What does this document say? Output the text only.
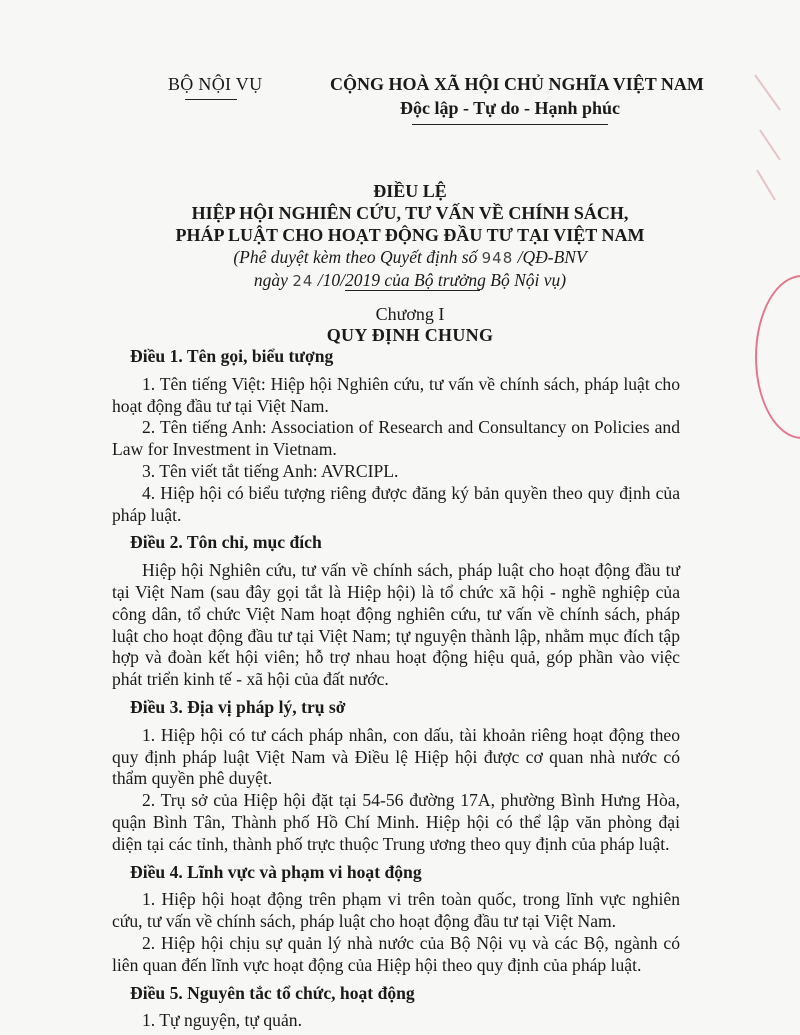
BỘ NỘI VỤ	CỘNG HOÀ XÃ HỘI CHỦ NGHĨA VIỆT NAM
Độc lập - Tự do - Hạnh phúc
ĐIỀU LỆ
HIỆP HỘI NGHIÊN CỨU, TƯ VẤN VỀ CHÍNH SÁCH,
PHÁP LUẬT CHO HOẠT ĐỘNG ĐẦU TƯ TẠI VIỆT NAM
(Phê duyệt kèm theo Quyết định số 948 /QĐ-BNV
ngày 24 /10/2019 của Bộ trưởng Bộ Nội vụ)
Chương I
QUY ĐỊNH CHUNG

Điều 1. Tên gọi, biểu tượng

1. Tên tiếng Việt: Hiệp hội Nghiên cứu, tư vấn về chính sách, pháp luật cho hoạt động đầu tư tại Việt Nam.

2. Tên tiếng Anh: Association of Research and Consultancy on Policies and Law for Investment in Vietnam.

3. Tên viết tắt tiếng Anh: AVRCIPL.

4. Hiệp hội có biểu tượng riêng được đăng ký bản quyền theo quy định của pháp luật.

Điều 2. Tôn chỉ, mục đích

Hiệp hội Nghiên cứu, tư vấn về chính sách, pháp luật cho hoạt động đầu tư tại Việt Nam (sau đây gọi tắt là Hiệp hội) là tổ chức xã hội - nghề nghiệp của công dân, tổ chức Việt Nam hoạt động nghiên cứu, tư vấn về chính sách, pháp luật cho hoạt động đầu tư tại Việt Nam; tự nguyện thành lập, nhằm mục đích tập hợp và đoàn kết hội viên; hỗ trợ nhau hoạt động hiệu quả, góp phần vào việc phát triển kinh tế - xã hội của đất nước.

Điều 3. Địa vị pháp lý, trụ sở

1. Hiệp hội có tư cách pháp nhân, con dấu, tài khoản riêng hoạt động theo quy định pháp luật Việt Nam và Điều lệ Hiệp hội được cơ quan nhà nước có thẩm quyền phê duyệt.

2. Trụ sở của Hiệp hội đặt tại 54-56 đường 17A, phường Bình Hưng Hòa, quận Bình Tân, Thành phố Hồ Chí Minh. Hiệp hội có thể lập văn phòng đại diện tại các tỉnh, thành phố trực thuộc Trung ương theo quy định của pháp luật.

Điều 4. Lĩnh vực và phạm vi hoạt động

1. Hiệp hội hoạt động trên phạm vi trên toàn quốc, trong lĩnh vực nghiên cứu, tư vấn về chính sách, pháp luật cho hoạt động đầu tư tại Việt Nam.

2. Hiệp hội chịu sự quản lý nhà nước của Bộ Nội vụ và các Bộ, ngành có liên quan đến lĩnh vực hoạt động của Hiệp hội theo quy định của pháp luật.

Điều 5. Nguyên tắc tổ chức, hoạt động

1. Tự nguyện, tự quản.
